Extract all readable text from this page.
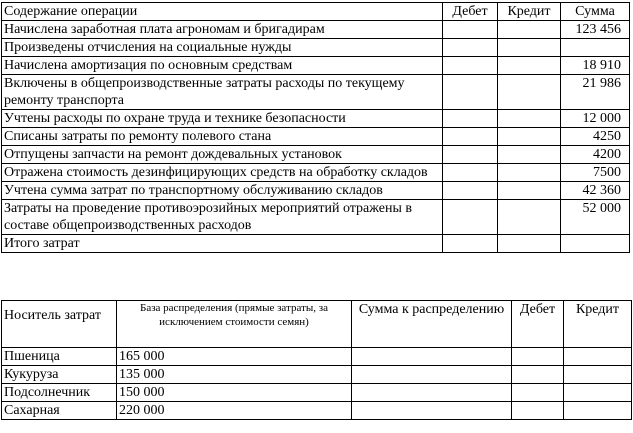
Содержание операции	Дебет	Кредит	Сумма
Начислена заработная плата агрономам и бригадирам			123 456
Произведены отчисления на социальные нужды			
Начислена амортизация по основным средствам			18 910
Включены в общепроизводственные затраты расходы по текущему ремонту транспорта			21 986
Учтены расходы по охране труда и технике безопасности			12 000
Списаны затраты по ремонту полевого стана			4250
Отпущены запчасти на ремонт дождевальных установок			4200
Отражена стоимость дезинфицирующих средств на обработку складов			7500
Учтена сумма затрат по транспортному обслуживанию складов			42 360
Затраты на проведение противоэрозийных мероприятий отражены в составе общепроизводственных расходов			52 000
Итого затрат			
Носитель затрат	База распределения (прямые затраты, за исключением стоимости семян)	Сумма к распределению	Дебет	Кредит
Пшеница	165 000			
Кукуруза	135 000			
Подсолнечник	150 000			
Сахарная	220 000			
